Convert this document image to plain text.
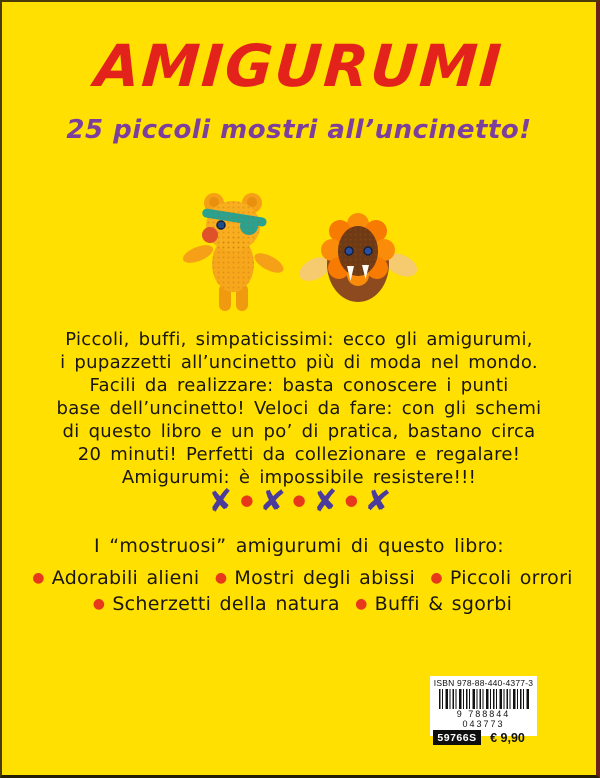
AMIGURUMI
25 piccoli mostri all’uncinetto!
Piccoli, buffi, simpaticissimi: ecco gli amigurumi,
i pupazzetti all’uncinetto più di moda nel mondo.
Facili da realizzare: basta conoscere i punti
base dell’uncinetto! Veloci da fare: con gli schemi
di questo libro e un po’ di pratica, bastano circa
20 minuti! Perfetti da collezionare e regalare!
Amigurumi: è impossibile resistere!!!
✘ ● ✘ ● ✘ ● ✘
I “mostruosi” amigurumi di questo libro:
● Adorabili alieni ● Mostri degli abissi ● Piccoli orrori
● Scherzetti della natura ● Buffi & sgorbi
ISBN 978-88-440-4377-3
9 788844 043773
59766S	€ 9,90
